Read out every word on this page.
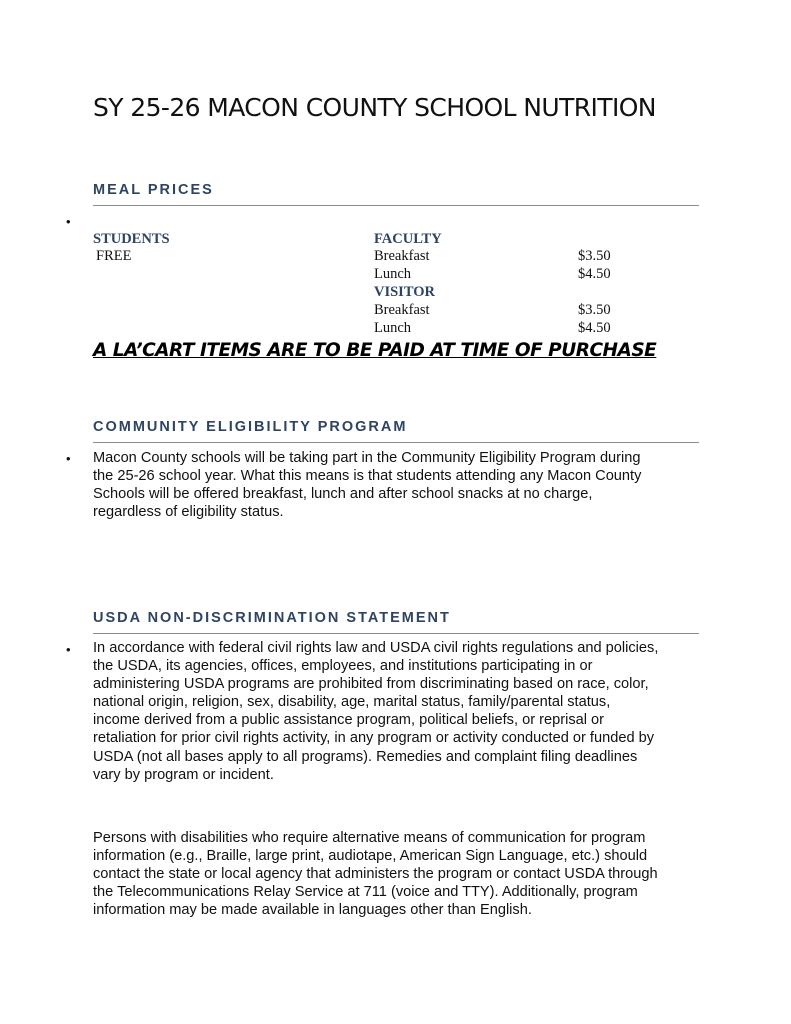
SY 25-26 MACON COUNTY SCHOOL NUTRITION
MEAL PRICES
•
STUDENTS
FREE
FACULTY
Breakfast	$3.50
Lunch	$4.50
VISITOR
Breakfast	$3.50
Lunch	$4.50
A LA’CART ITEMS ARE TO BE PAID AT TIME OF PURCHASE
COMMUNITY ELIGIBILITY PROGRAM
• Macon County schools will be taking part in the Community Eligibility Program during
the 25-26 school year. What this means is that students attending any Macon County
Schools will be offered breakfast, lunch and after school snacks at no charge,
regardless of eligibility status.
USDA NON-DISCRIMINATION STATEMENT
• In accordance with federal civil rights law and USDA civil rights regulations and policies,
the USDA, its agencies, offices, employees, and institutions participating in or
administering USDA programs are prohibited from discriminating based on race, color,
national origin, religion, sex, disability, age, marital status, family/parental status,
income derived from a public assistance program, political beliefs, or reprisal or
retaliation for prior civil rights activity, in any program or activity conducted or funded by
USDA (not all bases apply to all programs). Remedies and complaint filing deadlines
vary by program or incident.
Persons with disabilities who require alternative means of communication for program
information (e.g., Braille, large print, audiotape, American Sign Language, etc.) should
contact the state or local agency that administers the program or contact USDA through
the Telecommunications Relay Service at 711 (voice and TTY). Additionally, program
information may be made available in languages other than English.
